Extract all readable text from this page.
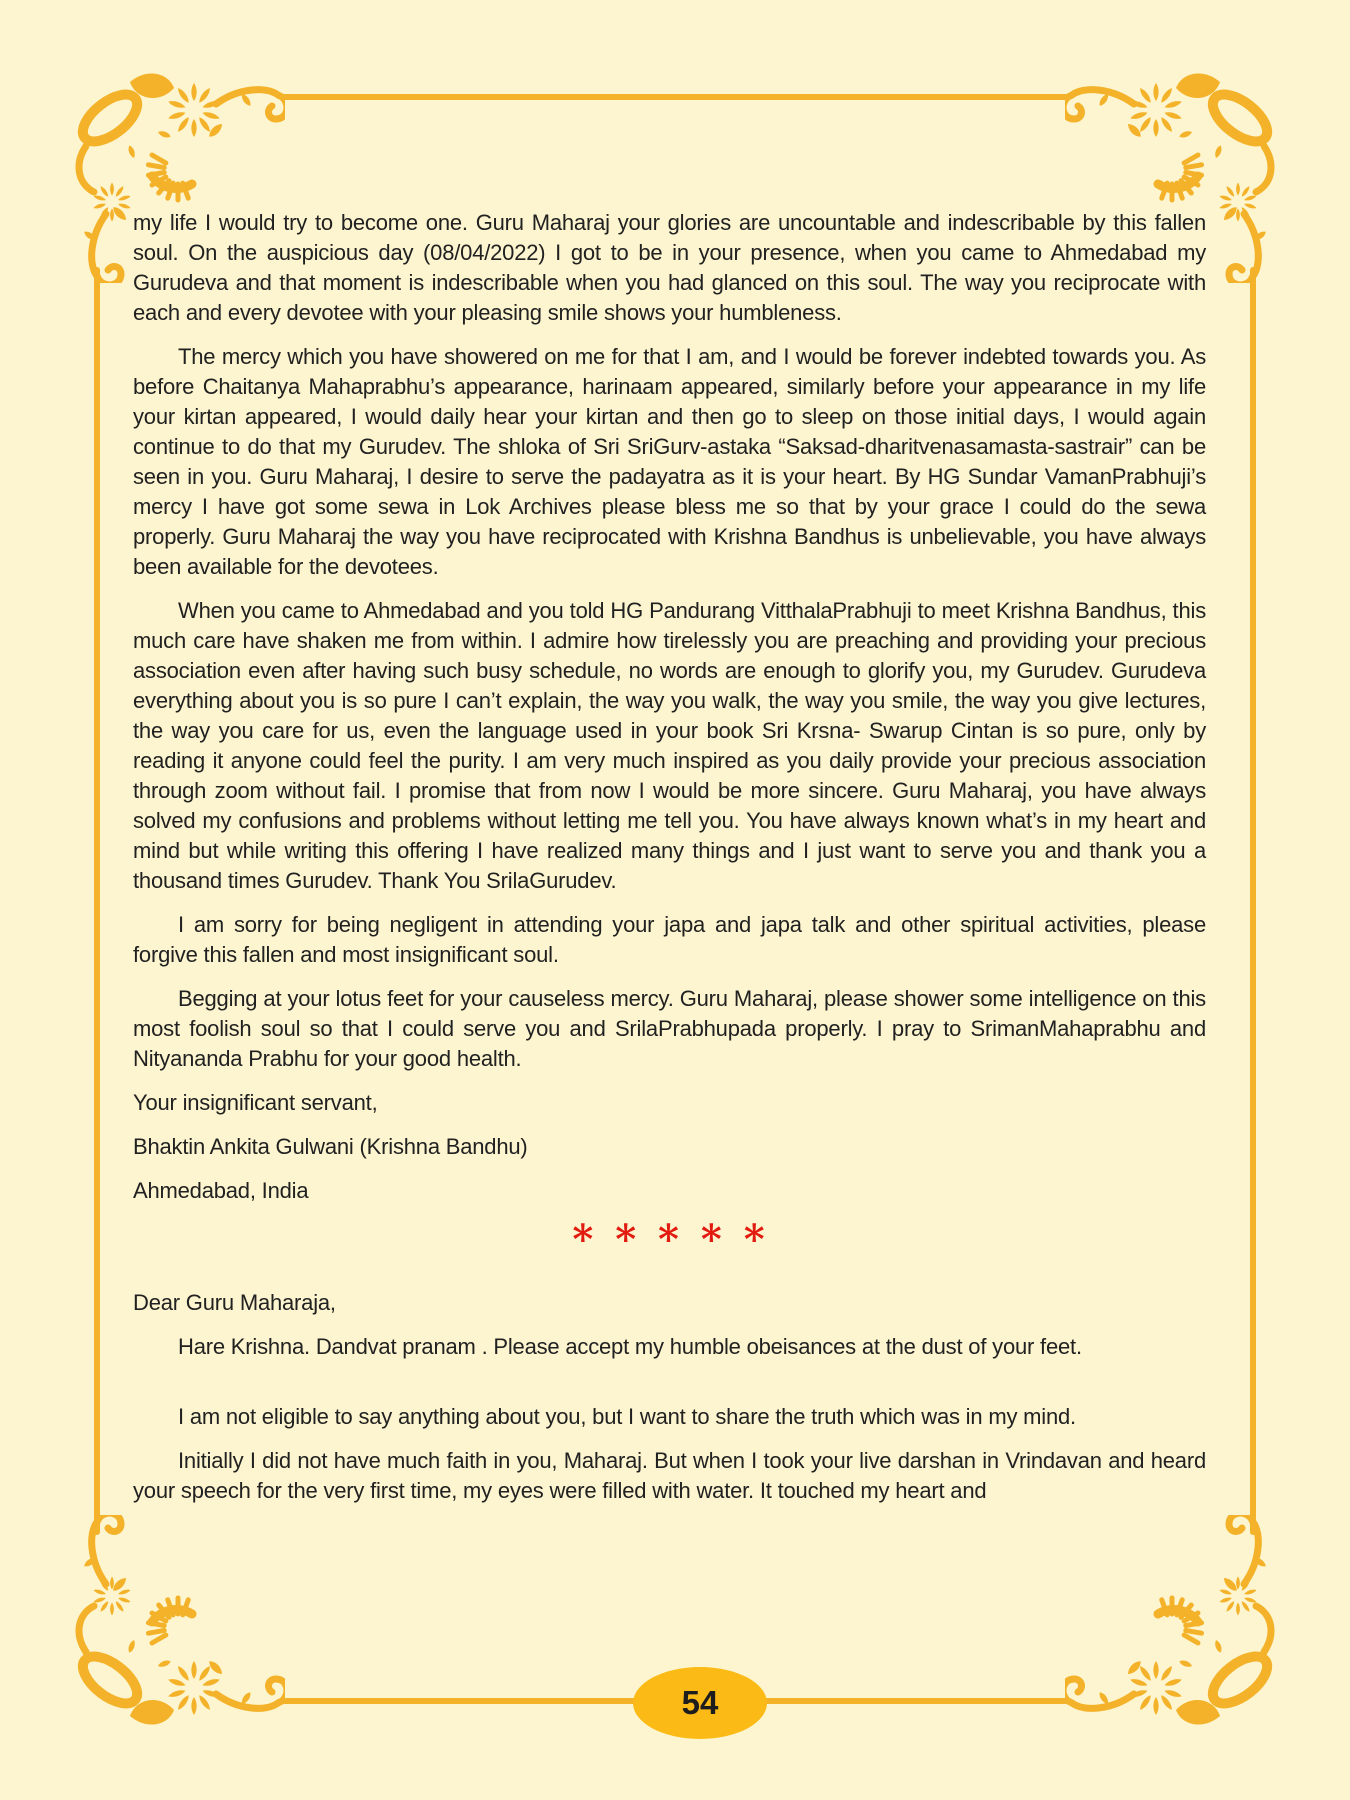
my life I would try to become one. Guru Maharaj your glories are uncountable and indescribable by this fallen soul. On the auspicious day (08/04/2022) I got to be in your presence, when you came to Ahmedabad my Gurudeva and that moment is indescribable when you had glanced on this soul. The way you reciprocate with each and every devotee with your pleasing smile shows your humbleness.

The mercy which you have showered on me for that I am, and I would be forever indebted towards you. As before Chaitanya Mahaprabhu’s appearance, harinaam appeared, similarly before your appearance in my life your kirtan appeared, I would daily hear your kirtan and then go to sleep on those initial days, I would again continue to do that my Gurudev. The shloka of Sri SriGurv-astaka “Saksad-dharitvenasamasta-sastrair” can be seen in you. Guru Maharaj, I desire to serve the padayatra as it is your heart. By HG Sundar VamanPrabhuji’s mercy I have got some sewa in Lok Archives please bless me so that by your grace I could do the sewa properly. Guru Maharaj the way you have reciprocated with Krishna Bandhus is unbelievable, you have always been available for the devotees.

When you came to Ahmedabad and you told HG Pandurang VitthalaPrabhuji to meet Krishna Bandhus, this much care have shaken me from within. I admire how tirelessly you are preaching and providing your precious association even after having such busy schedule, no words are enough to glorify you, my Gurudev. Gurudeva everything about you is so pure I can’t explain, the way you walk, the way you smile, the way you give lectures, the way you care for us, even the language used in your book Sri Krsna- Swarup Cintan is so pure, only by reading it anyone could feel the purity. I am very much inspired as you daily provide your precious association through zoom without fail. I promise that from now I would be more sincere. Guru Maharaj, you have always solved my confusions and problems without letting me tell you. You have always known what’s in my heart and mind but while writing this offering I have realized many things and I just want to serve you and thank you a thousand times Gurudev. Thank You SrilaGurudev.

I am sorry for being negligent in attending your japa and japa talk and other spiritual activities, please forgive this fallen and most insignificant soul.

Begging at your lotus feet for your causeless mercy. Guru Maharaj, please shower some intelligence on this most foolish soul so that I could serve you and SrilaPrabhupada properly. I pray to SrimanMahaprabhu and Nityananda Prabhu for your good health.

Your insignificant servant,

Bhaktin Ankita Gulwani (Krishna Bandhu)

Ahmedabad, India

* * * * *

Dear Guru Maharaja,

Hare Krishna. Dandvat pranam . Please accept my humble obeisances at the dust of your feet.

I am not eligible to say anything about you, but I want to share the truth which was in my mind.

Initially I did not have much faith in you, Maharaj. But when I took your live darshan in Vrindavan and heard your speech for the very first time, my eyes were filled with water. It touched my heart and

54
